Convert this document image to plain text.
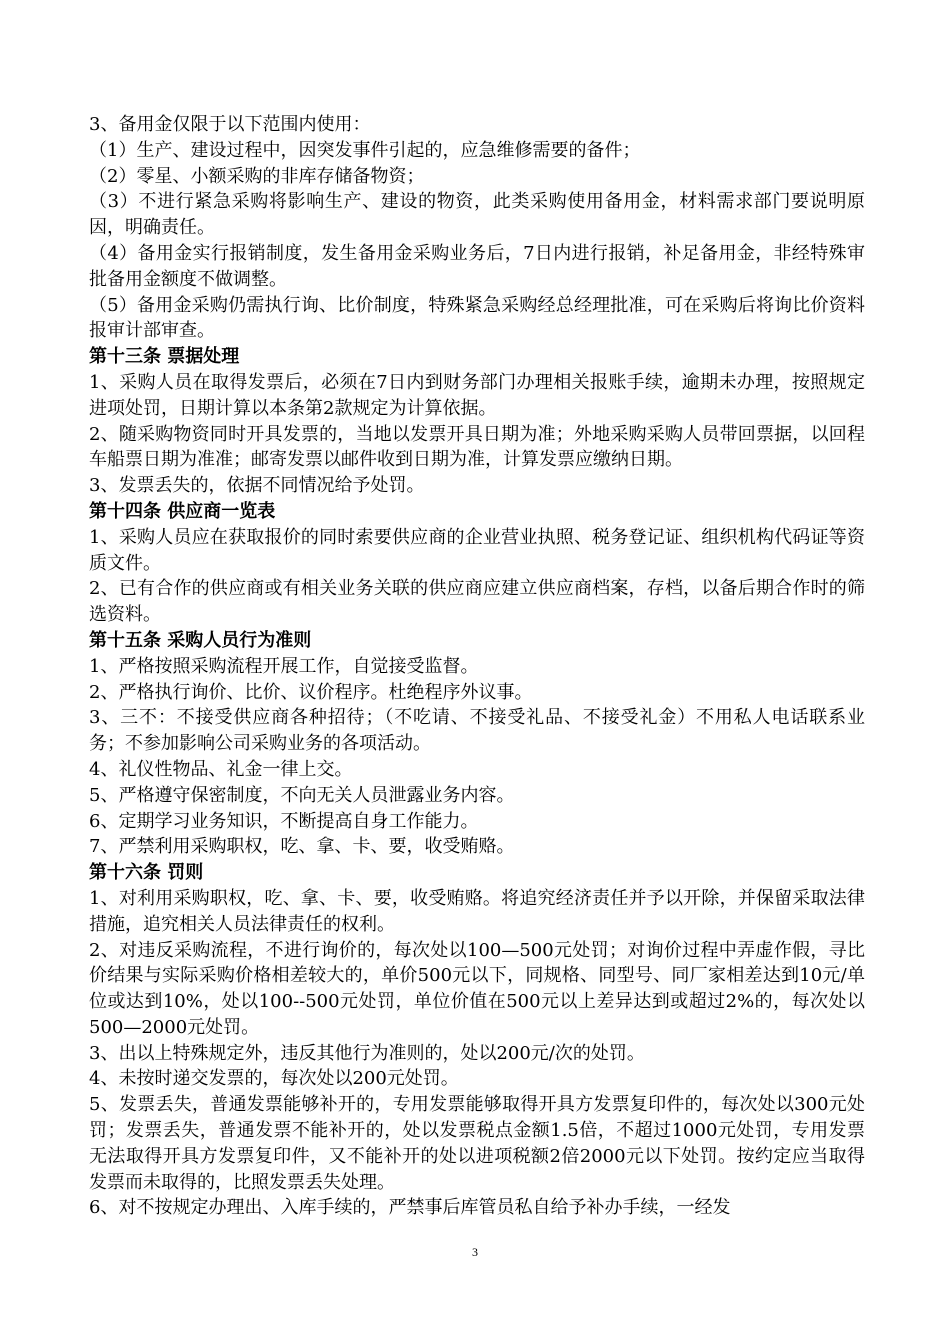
3、备用金仅限于以下范围内使用：

（1）生产、建设过程中，因突发事件引起的，应急维修需要的备件；

（2）零星、小额采购的非库存储备物资；

（3）不进行紧急采购将影响生产、建设的物资，此类采购使用备用金，材料需求部门要说明原因，明确责任。

（4）备用金实行报销制度，发生备用金采购业务后，7日内进行报销，补足备用金，非经特殊审批备用金额度不做调整。

（5）备用金采购仍需执行询、比价制度，特殊紧急采购经总经理批准，可在采购后将询比价资料报审计部审查。

第十三条 票据处理

1、采购人员在取得发票后，必须在7日内到财务部门办理相关报账手续，逾期未办理，按照规定进项处罚，日期计算以本条第2款规定为计算依据。

2、随采购物资同时开具发票的，当地以发票开具日期为准；外地采购采购人员带回票据，以回程车船票日期为准准；邮寄发票以邮件收到日期为准，计算发票应缴纳日期。

3、发票丢失的，依据不同情况给予处罚。

第十四条 供应商一览表

1、采购人员应在获取报价的同时索要供应商的企业营业执照、税务登记证、组织机构代码证等资质文件。

2、已有合作的供应商或有相关业务关联的供应商应建立供应商档案，存档，以备后期合作时的筛选资料。

第十五条 采购人员行为准则

1、严格按照采购流程开展工作，自觉接受监督。

2、严格执行询价、比价、议价程序。杜绝程序外议事。

3、三不：不接受供应商各种招待；（不吃请、不接受礼品、不接受礼金）不用私人电话联系业务；不参加影响公司采购业务的各项活动。

4、礼仪性物品、礼金一律上交。

5、严格遵守保密制度，不向无关人员泄露业务内容。

6、定期学习业务知识，不断提高自身工作能力。

7、严禁利用采购职权，吃、拿、卡、要，收受贿赂。

第十六条 罚则

1、对利用采购职权，吃、拿、卡、要，收受贿赂。将追究经济责任并予以开除，并保留采取法律措施，追究相关人员法律责任的权利。

2、对违反采购流程，不进行询价的，每次处以100—500元处罚；对询价过程中弄虚作假，寻比价结果与实际采购价格相差较大的，单价500元以下，同规格、同型号、同厂家相差达到10元/单位或达到10%，处以100--500元处罚，单位价值在500元以上差异达到或超过2%的，每次处以500—2000元处罚。

3、出以上特殊规定外，违反其他行为准则的，处以200元/次的处罚。

4、未按时递交发票的，每次处以200元处罚。

5、发票丢失，普通发票能够补开的，专用发票能够取得开具方发票复印件的，每次处以300元处罚；发票丢失，普通发票不能补开的，处以发票税点金额1.5倍，不超过1000元处罚，专用发票无法取得开具方发票复印件，又不能补开的处以进项税额2倍2000元以下处罚。按约定应当取得发票而未取得的，比照发票丢失处理。

6、对不按规定办理出、入库手续的，严禁事后库管员私自给予补办手续，一经发

3
